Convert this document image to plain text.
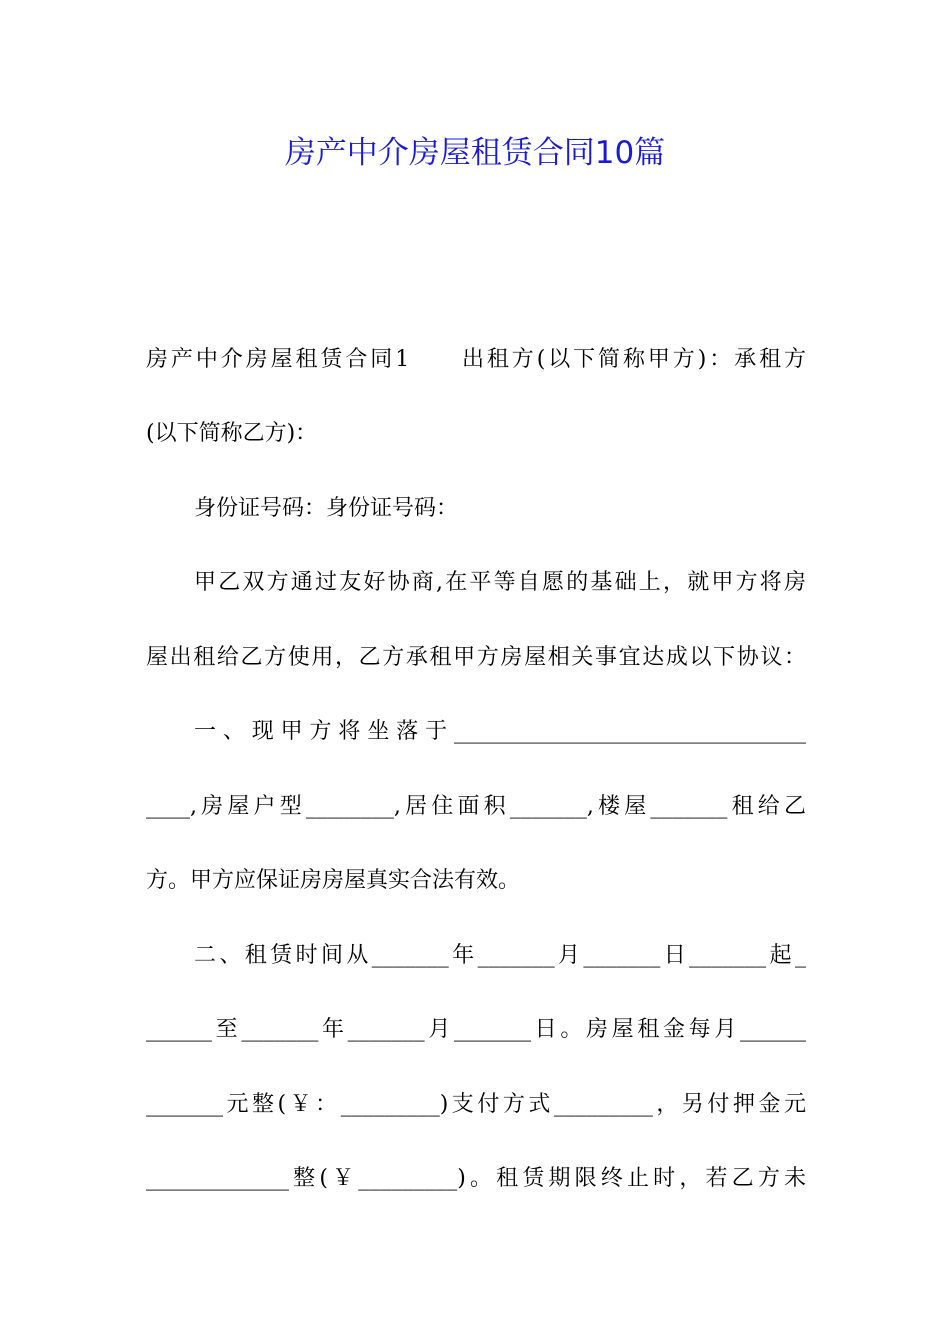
房产中介房屋租赁合同10篇

房产中介房屋租赁合同1　　出租方(以下简称甲方)：承租方

(以下简称乙方)：

身份证号码：身份证号码：

甲乙双方通过友好协商,在平等自愿的基础上，就甲方将房

屋出租给乙方使用，乙方承租甲方房屋相关事宜达成以下协议：

一、现甲方将坐落于________________________________

____,房屋户型________,居住面积_______,楼屋_______租给乙

方。甲方应保证房房屋真实合法有效。

二、租赁时间从_______年_______月_______日_______起_

______至_______年_______月_______日。房屋租金每月______

_______元整(￥：_________)支付方式_________，另付押金元

_____________整(￥_________)。租赁期限终止时，若乙方未
